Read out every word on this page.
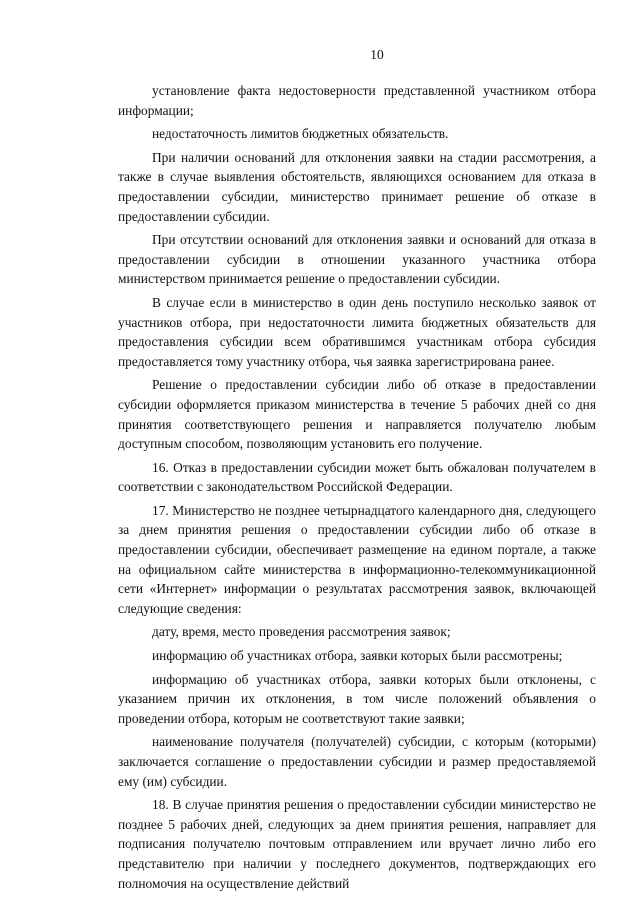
10

установление факта недостоверности представленной участником отбора информации;

недостаточность лимитов бюджетных обязательств.

При наличии оснований для отклонения заявки на стадии рассмотрения, а также в случае выявления обстоятельств, являющихся основанием для отказа в предоставлении субсидии, министерство принимает решение об отказе в предоставлении субсидии.

При отсутствии оснований для отклонения заявки и оснований для отказа в предоставлении субсидии в отношении указанного участника отбора министерством принимается решение о предоставлении субсидии.

В случае если в министерство в один день поступило несколько заявок от участников отбора, при недостаточности лимита бюджетных обязательств для предоставления субсидии всем обратившимся участникам отбора субсидия предоставляется тому участнику отбора, чья заявка зарегистрирована ранее.

Решение о предоставлении субсидии либо об отказе в предоставлении субсидии оформляется приказом министерства в течение 5 рабочих дней со дня принятия соответствующего решения и направляется получателю любым доступным способом, позволяющим установить его получение.

16. Отказ в предоставлении субсидии может быть обжалован получателем в соответствии с законодательством Российской Федерации.

17. Министерство не позднее четырнадцатого календарного дня, следующего за днем принятия решения о предоставлении субсидии либо об отказе в предоставлении субсидии, обеспечивает размещение на едином портале, а также на официальном сайте министерства в информационно-телекоммуникационной сети «Интернет» информации о результатах рассмотрения заявок, включающей следующие сведения:

дату, время, место проведения рассмотрения заявок;

информацию об участниках отбора, заявки которых были рассмотрены;

информацию об участниках отбора, заявки которых были отклонены, с указанием причин их отклонения, в том числе положений объявления о проведении отбора, которым не соответствуют такие заявки;

наименование получателя (получателей) субсидии, с которым (которыми) заключается соглашение о предоставлении субсидии и размер предоставляемой ему (им) субсидии.

18. В случае принятия решения о предоставлении субсидии министерство не позднее 5 рабочих дней, следующих за днем принятия решения, направляет для подписания получателю почтовым отправлением или вручает лично либо его представителю при наличии у последнего документов, подтверждающих его полномочия на осуществление действий
